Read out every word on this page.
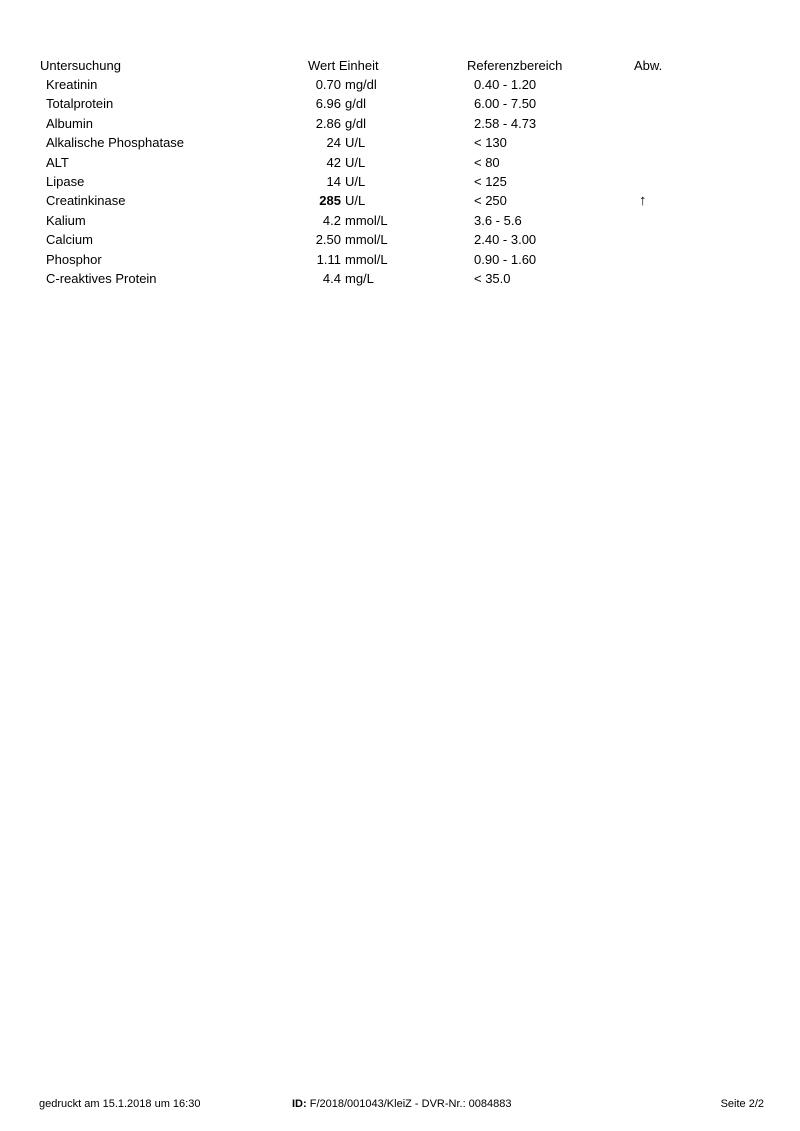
Untersuchung	Wert Einheit	Referenzbereich	Abw.
Kreatinin	0.70 mg/dl	0.40 - 1.20
Totalprotein	6.96 g/dl	6.00 - 7.50
Albumin	2.86 g/dl	2.58 - 4.73
Alkalische Phosphatase	24 U/L	< 130
ALT	42 U/L	< 80
Lipase	14 U/L	< 125
Creatinkinase	285 U/L	< 250	↑
Kalium	4.2 mmol/L	3.6 - 5.6
Calcium	2.50 mmol/L	2.40 - 3.00
Phosphor	1.11 mmol/L	0.90 - 1.60
C-reaktives Protein	4.4 mg/L	< 35.0
gedruckt am 15.1.2018 um 16:30	ID: F/2018/001043/KleiZ - DVR-Nr.: 0084883	Seite 2/2
